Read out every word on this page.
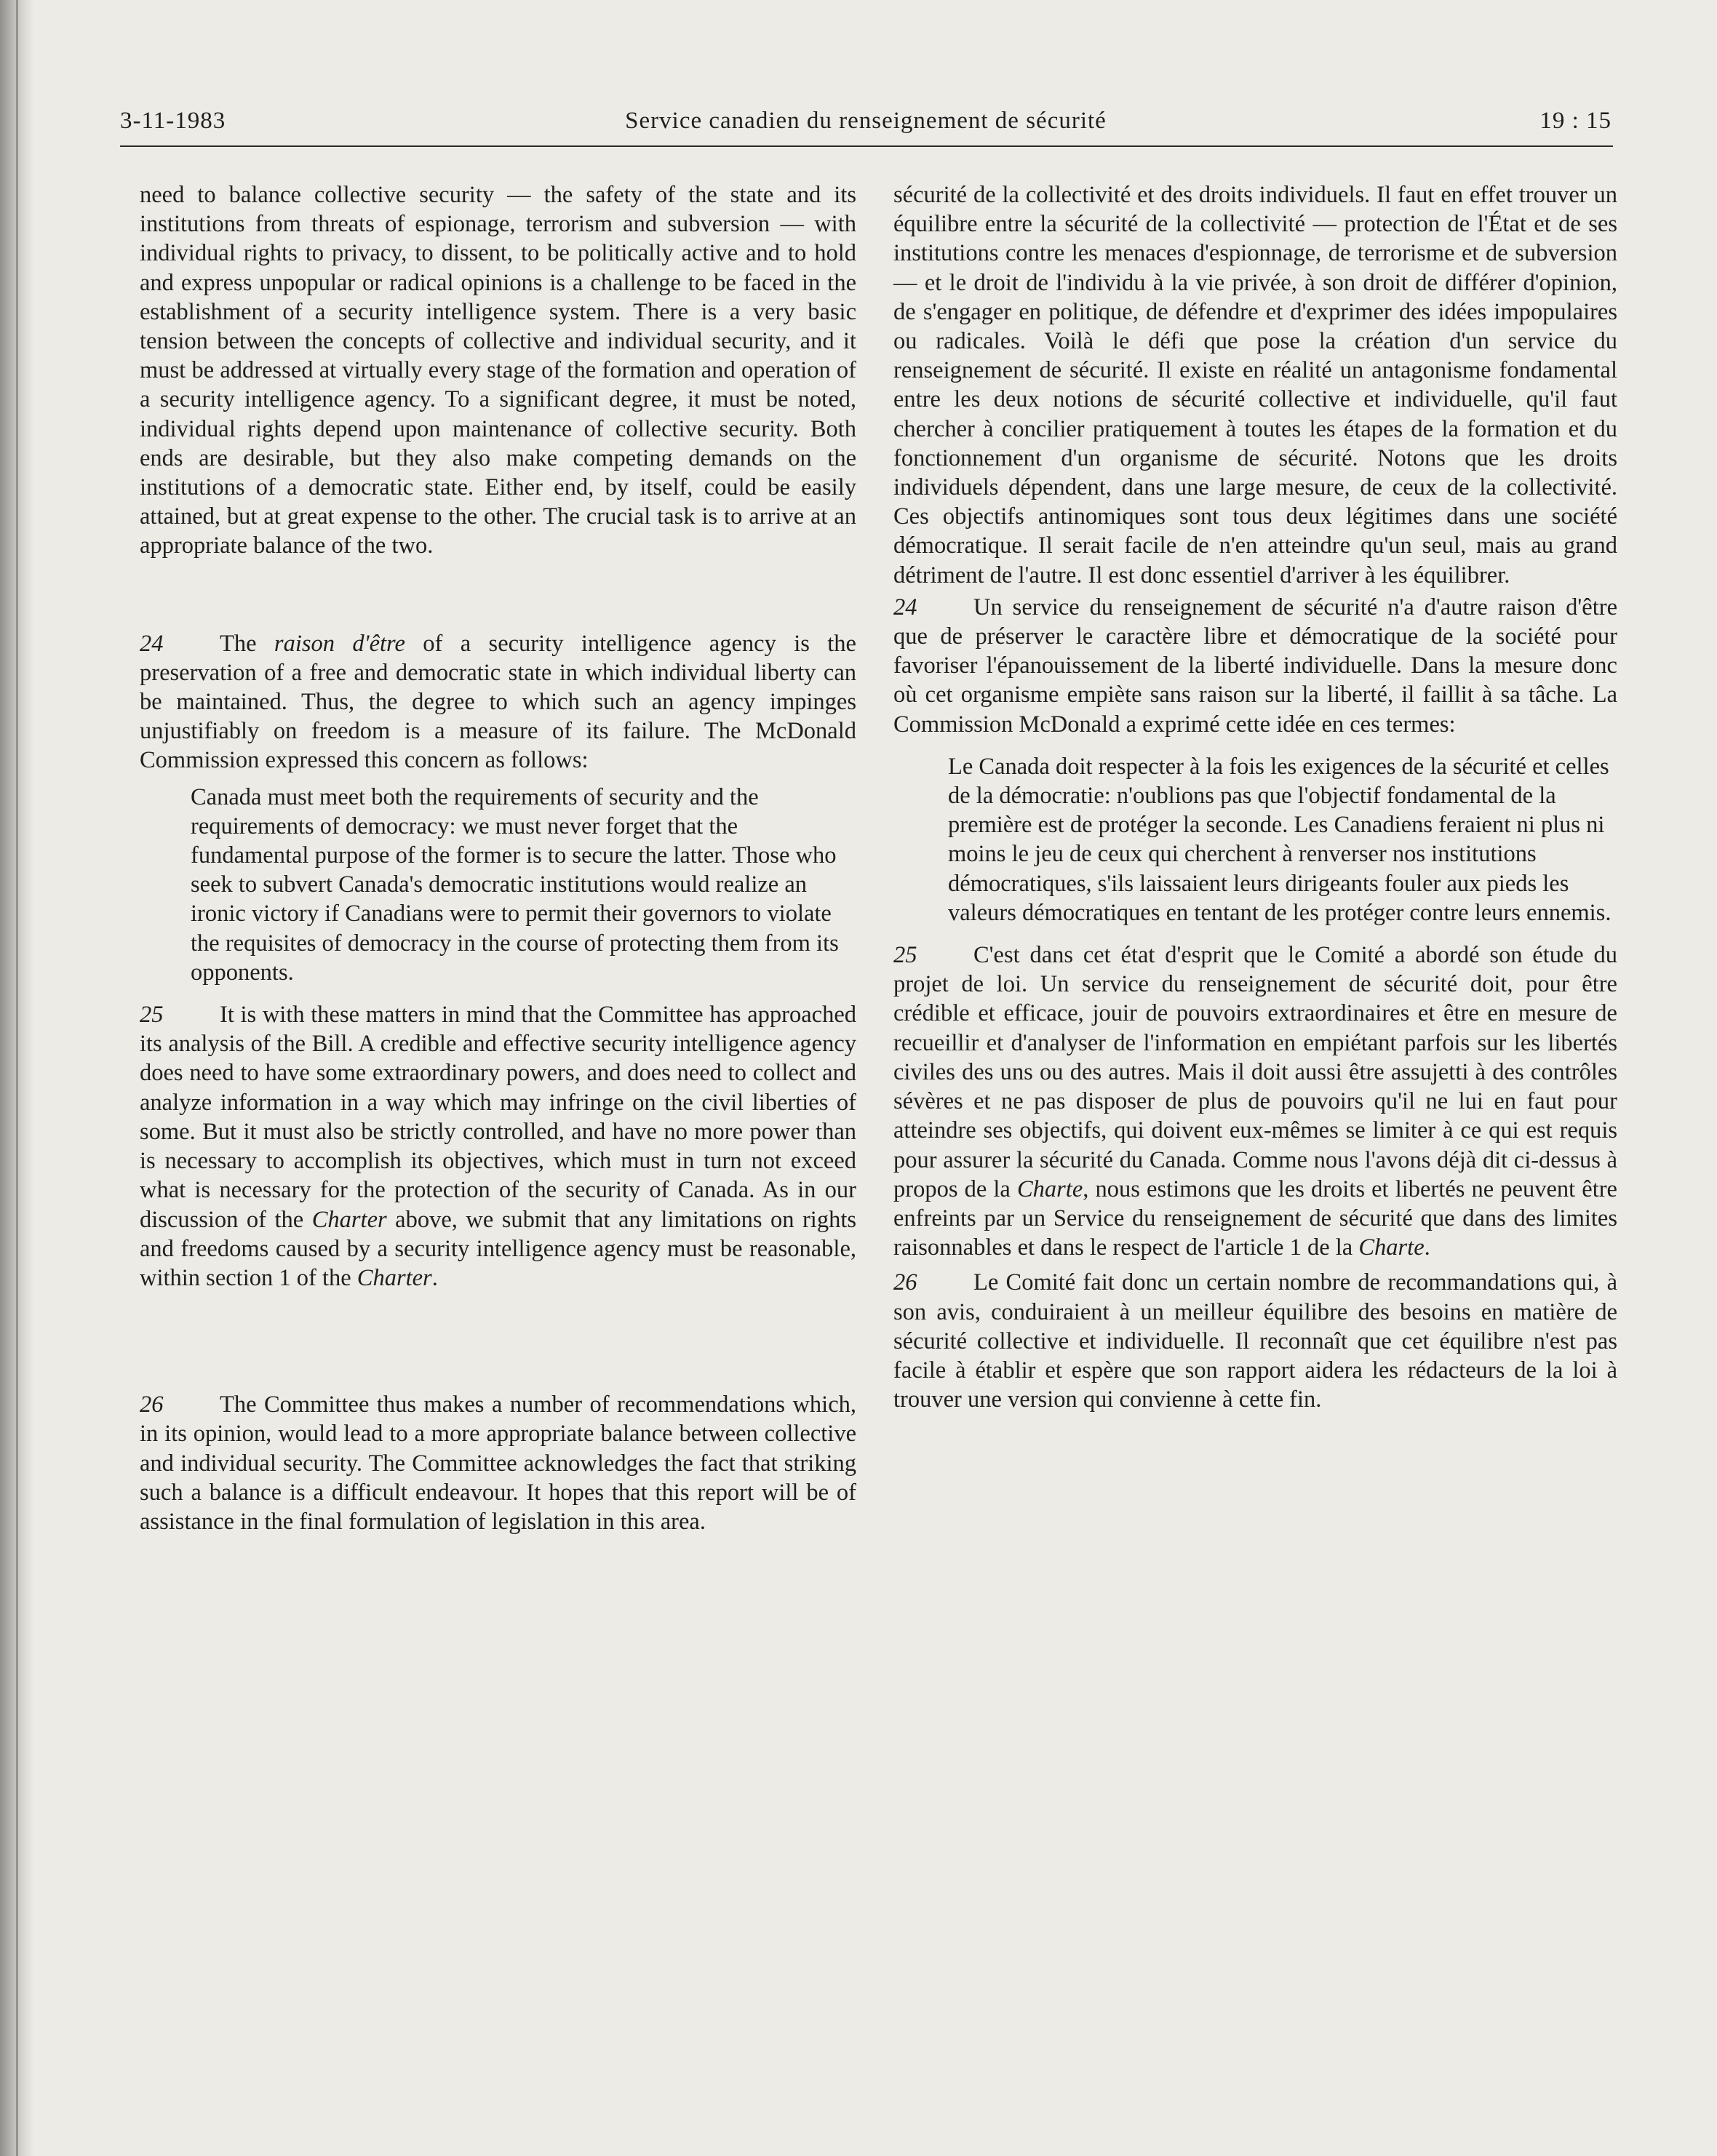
3-11-1983	Service canadien du renseignement de sécurité	19 : 15

need to balance collective security — the safety of the state and its institutions from threats of espionage, terrorism and subversion — with individual rights to privacy, to dissent, to be politically active and to hold and express unpopular or radical opinions is a challenge to be faced in the establishment of a security intelligence system. There is a very basic tension between the concepts of collective and individual security, and it must be addressed at virtually every stage of the formation and operation of a security intelligence agency. To a significant degree, it must be noted, individual rights depend upon maintenance of collective security. Both ends are desirable, but they also make competing demands on the institutions of a democratic state. Either end, by itself, could be easily attained, but at great expense to the other. The crucial task is to arrive at an appropriate balance of the two.

24 The raison d'être of a security intelligence agency is the preservation of a free and democratic state in which individual liberty can be maintained. Thus, the degree to which such an agency impinges unjustifiably on freedom is a measure of its failure. The McDonald Commission expressed this concern as follows:

Canada must meet both the requirements of security and the requirements of democracy: we must never forget that the fundamental purpose of the former is to secure the latter. Those who seek to subvert Canada's democratic institutions would realize an ironic victory if Canadians were to permit their governors to violate the requisites of democracy in the course of protecting them from its opponents.

25 It is with these matters in mind that the Committee has approached its analysis of the Bill. A credible and effective security intelligence agency does need to have some extraordinary powers, and does need to collect and analyze information in a way which may infringe on the civil liberties of some. But it must also be strictly controlled, and have no more power than is necessary to accomplish its objectives, which must in turn not exceed what is necessary for the protection of the security of Canada. As in our discussion of the Charter above, we submit that any limitations on rights and freedoms caused by a security intelligence agency must be reasonable, within section 1 of the Charter.

26 The Committee thus makes a number of recommendations which, in its opinion, would lead to a more appropriate balance between collective and individual security. The Committee acknowledges the fact that striking such a balance is a difficult endeavour. It hopes that this report will be of assistance in the final formulation of legislation in this area.

sécurité de la collectivité et des droits individuels. Il faut en effet trouver un équilibre entre la sécurité de la collectivité — protection de l'État et de ses institutions contre les menaces d'espionnage, de terrorisme et de subversion — et le droit de l'individu à la vie privée, à son droit de différer d'opinion, de s'engager en politique, de défendre et d'exprimer des idées impopulaires ou radicales. Voilà le défi que pose la création d'un service du renseignement de sécurité. Il existe en réalité un antagonisme fondamental entre les deux notions de sécurité collective et individuelle, qu'il faut chercher à concilier pratiquement à toutes les étapes de la formation et du fonctionnement d'un organisme de sécurité. Notons que les droits individuels dépendent, dans une large mesure, de ceux de la collectivité. Ces objectifs antinomiques sont tous deux légitimes dans une société démocratique. Il serait facile de n'en atteindre qu'un seul, mais au grand détriment de l'autre. Il est donc essentiel d'arriver à les équilibrer.

24 Un service du renseignement de sécurité n'a d'autre raison d'être que de préserver le caractère libre et démocratique de la société pour favoriser l'épanouissement de la liberté individuelle. Dans la mesure donc où cet organisme empiète sans raison sur la liberté, il faillit à sa tâche. La Commission McDonald a exprimé cette idée en ces termes:

Le Canada doit respecter à la fois les exigences de la sécurité et celles de la démocratie: n'oublions pas que l'objectif fondamental de la première est de protéger la seconde. Les Canadiens feraient ni plus ni moins le jeu de ceux qui cherchent à renverser nos institutions démocratiques, s'ils laissaient leurs dirigeants fouler aux pieds les valeurs démocratiques en tentant de les protéger contre leurs ennemis.

25 C'est dans cet état d'esprit que le Comité a abordé son étude du projet de loi. Un service du renseignement de sécurité doit, pour être crédible et efficace, jouir de pouvoirs extraordinaires et être en mesure de recueillir et d'analyser de l'information en empiétant parfois sur les libertés civiles des uns ou des autres. Mais il doit aussi être assujetti à des contrôles sévères et ne pas disposer de plus de pouvoirs qu'il ne lui en faut pour atteindre ses objectifs, qui doivent eux-mêmes se limiter à ce qui est requis pour assurer la sécurité du Canada. Comme nous l'avons déjà dit ci-dessus à propos de la Charte, nous estimons que les droits et libertés ne peuvent être enfreints par un Service du renseignement de sécurité que dans des limites raisonnables et dans le respect de l'article 1 de la Charte.

26 Le Comité fait donc un certain nombre de recommandations qui, à son avis, conduiraient à un meilleur équilibre des besoins en matière de sécurité collective et individuelle. Il reconnaît que cet équilibre n'est pas facile à établir et espère que son rapport aidera les rédacteurs de la loi à trouver une version qui convienne à cette fin.
